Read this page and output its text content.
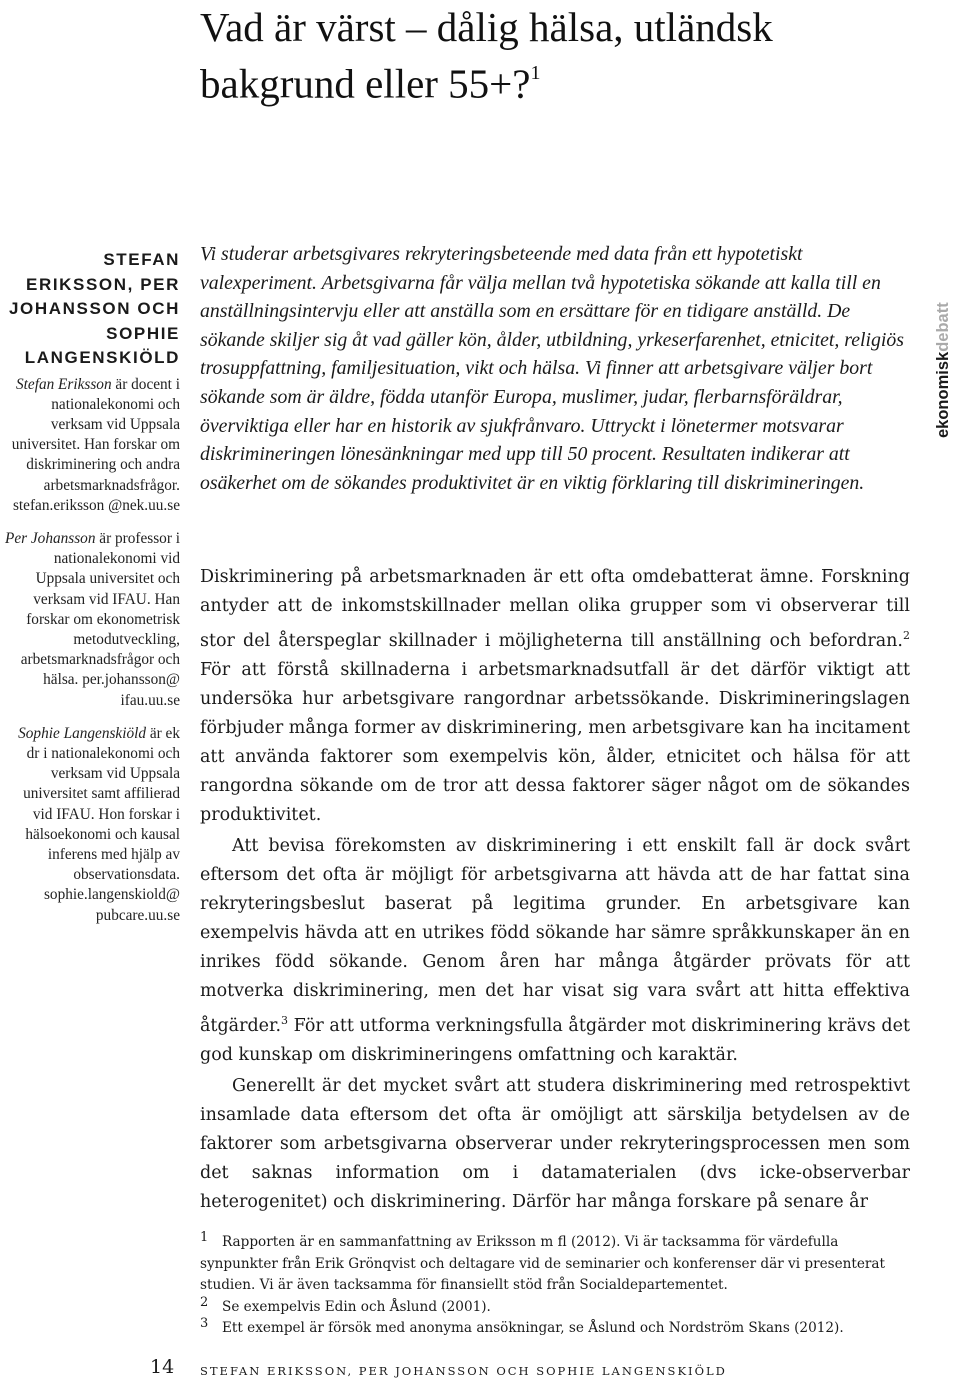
Vad är värst – dålig hälsa, utländsk bakgrund eller 55+?$^1$
STEFAN ERIKSSON, PER JOHANSSON OCH SOPHIE LANGENSKIÖLD

Stefan Eriksson är docent i nationalekonomi och verksam vid Uppsala universitet. Han forskar om diskriminering och andra arbetsmarknadsfrågor. stefan.eriksson @nek.uu.se

Per Johansson är professor i nationalekonomi vid Uppsala universitet och verksam vid IFAU. Han forskar om ekonometrisk metodutveckling, arbetsmarknadsfrågor och hälsa. per.johansson@ ifau.uu.se

Sophie Langenskiöld är ek dr i nationalekonomi och verksam vid Uppsala universitet samt affilierad vid IFAU. Hon forskar i hälsoekonomi och kausal inferens med hjälp av observationsdata. sophie.langenskiold@ pubcare.uu.se

ekonomiskdebatt

Vi studerar arbetsgivares rekryteringsbeteende med data från ett hypotetiskt valexperiment. Arbetsgivarna får välja mellan två hypotetiska sökande att kalla till en anställningsintervju eller att anställa som en ersättare för en tidigare anställd. De sökande skiljer sig åt vad gäller kön, ålder, utbildning, yrkeserfarenhet, etnicitet, religiös trosuppfattning, familjesituation, vikt och hälsa. Vi finner att arbetsgivare väljer bort sökande som är äldre, födda utanför Europa, muslimer, judar, flerbarnsföräldrar, överviktiga eller har en historik av sjukfrånvaro. Uttryckt i lönetermer motsvarar diskrimineringen lönesänkningar med upp till 50 procent. Resultaten indikerar att osäkerhet om de sökandes produktivitet är en viktig förklaring till diskrimineringen.

Diskriminering på arbetsmarknaden är ett ofta omdebatterat ämne. Forskning antyder att de inkomstskillnader mellan olika grupper som vi observerar till stor del återspeglar skillnader i möjligheterna till anställning och befordran.$^2$ För att förstå skillnaderna i arbetsmarknadsutfall är det därför viktigt att undersöka hur arbetsgivare rangordnar arbetssökande. Diskrimineringslagen förbjuder många former av diskriminering, men arbetsgivare kan ha incitament att använda faktorer som exempelvis kön, ålder, etnicitet och hälsa för att rangordna sökande om de tror att dessa faktorer säger något om de sökandes produktivitet.

Att bevisa förekomsten av diskriminering i ett enskilt fall är dock svårt eftersom det ofta är möjligt för arbetsgivarna att hävda att de har fattat sina rekryteringsbeslut baserat på legitima grunder. En arbetsgivare kan exempelvis hävda att en utrikes född sökande har sämre språkkunskaper än en inrikes född sökande. Genom åren har många åtgärder prövats för att motverka diskriminering, men det har visat sig vara svårt att hitta effektiva åtgärder.$^3$ För att utforma verkningsfulla åtgärder mot diskriminering krävs det god kunskap om diskrimineringens omfattning och karaktär.

Generellt är det mycket svårt att studera diskriminering med retrospektivt insamlade data eftersom det ofta är omöjligt att särskilja betydelsen av de faktorer som arbetsgivarna observerar under rekryteringsprocessen men som det saknas information om i datamaterialen (dvs icke-observerbar heterogenitet) och diskriminering. Därför har många forskare på senare år

1 Rapporten är en sammanfattning av Eriksson m fl (2012). Vi är tacksamma för värdefulla synpunkter från Erik Grönqvist och deltagare vid de seminarier och konferenser där vi presenterat studien. Vi är även tacksamma för finansiellt stöd från Socialdepartementet.

2 Se exempelvis Edin och Åslund (2001).

3 Ett exempel är försök med anonyma ansökningar, se Åslund och Nordström Skans (2012).

14 STEFAN ERIKSSON, PER JOHANSSON OCH SOPHIE LANGENSKIÖLD
